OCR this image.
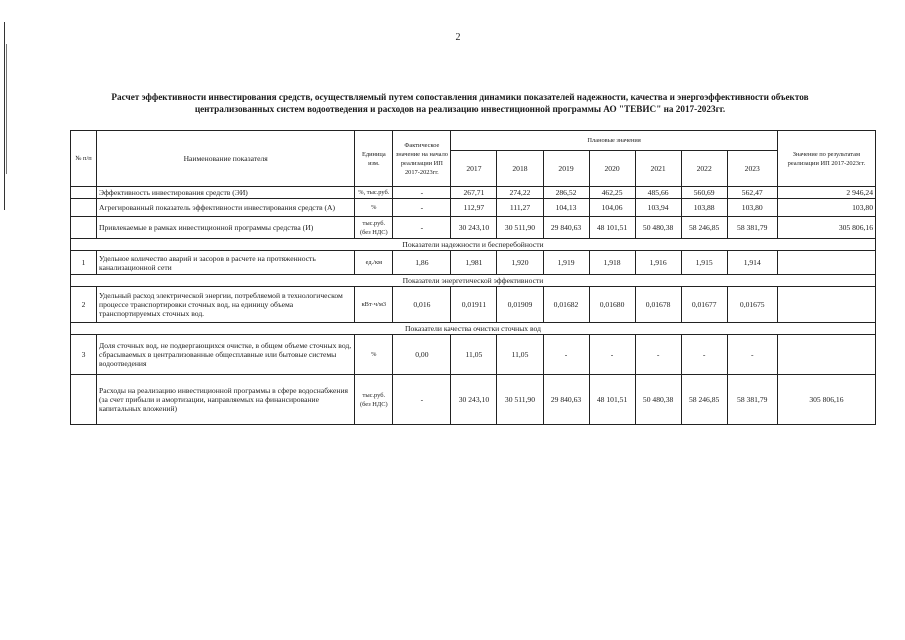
2
Расчет эффективности инвестирования средств, осуществляемый путем сопоставления динамики показателей надежности, качества и энергоэффективности объектов централизованных систем водоотведения и расходов на реализацию инвестиционной программы АО "ТЕВИС" на 2017-2023гг.
№ п/п	Наименование показателя	Единица изм.	Фактическое значение на начало реализации ИП 2017-2023гг.	Плановые значения							Значение по результатам реализации ИП 2017-2023гг.
				2017	2018	2019	2020	2021	2022	2023	
	Эффективность инвестирования средств (ЭИ)	%, тыс.руб.	-	267,71	274,22	286,52	462,25	485,66	560,69	562,47	2 946,24
	Агрегированный показатель эффективности инвестирования средств (А)	%	-	112,97	111,27	104,13	104,06	103,94	103,88	103,80	103,80
	Привлекаемые в рамках инвестиционной программы средства (И)	тыс.руб. (без НДС)	-	30 243,10	30 511,90	29 840,63	48 101,51	50 480,38	58 246,85	58 381,79	305 806,16
Показатели надежности и бесперебойности											
1	Удельное количество аварий и засоров в расчете на протяженность канализационной сети	ед./км	1,86	1,981	1,920	1,919	1,918	1,916	1,915	1,914	
Показатели энергетической эффективности											
2	Удельный расход электрической энергии, потребляемой в технологическом процессе транспортировки сточных вод, на единицу объема транспортируемых сточных вод.	кВт·ч/м3	0,016	0,01911	0,01909	0,01682	0,01680	0,01678	0,01677	0,01675	
Показатели качества очистки сточных вод											
3	Доля сточных вод, не подвергающихся очистке, в общем объеме сточных вод, сбрасываемых в централизованные общесплавные или бытовые системы водоотведения	%	0,00	11,05	11,05	-	-	-	-	-	

	Расходы на реализацию инвестиционной программы в сфере водоснабжения
(за счет прибыли и амортизации, направляемых на финансирование капитальных вложений)	тыс.руб. (без НДС)	-	30 243,10	30 511,90	29 840,63	48 101,51	50 480,38	58 246,85	58 381,79	305 806,16
